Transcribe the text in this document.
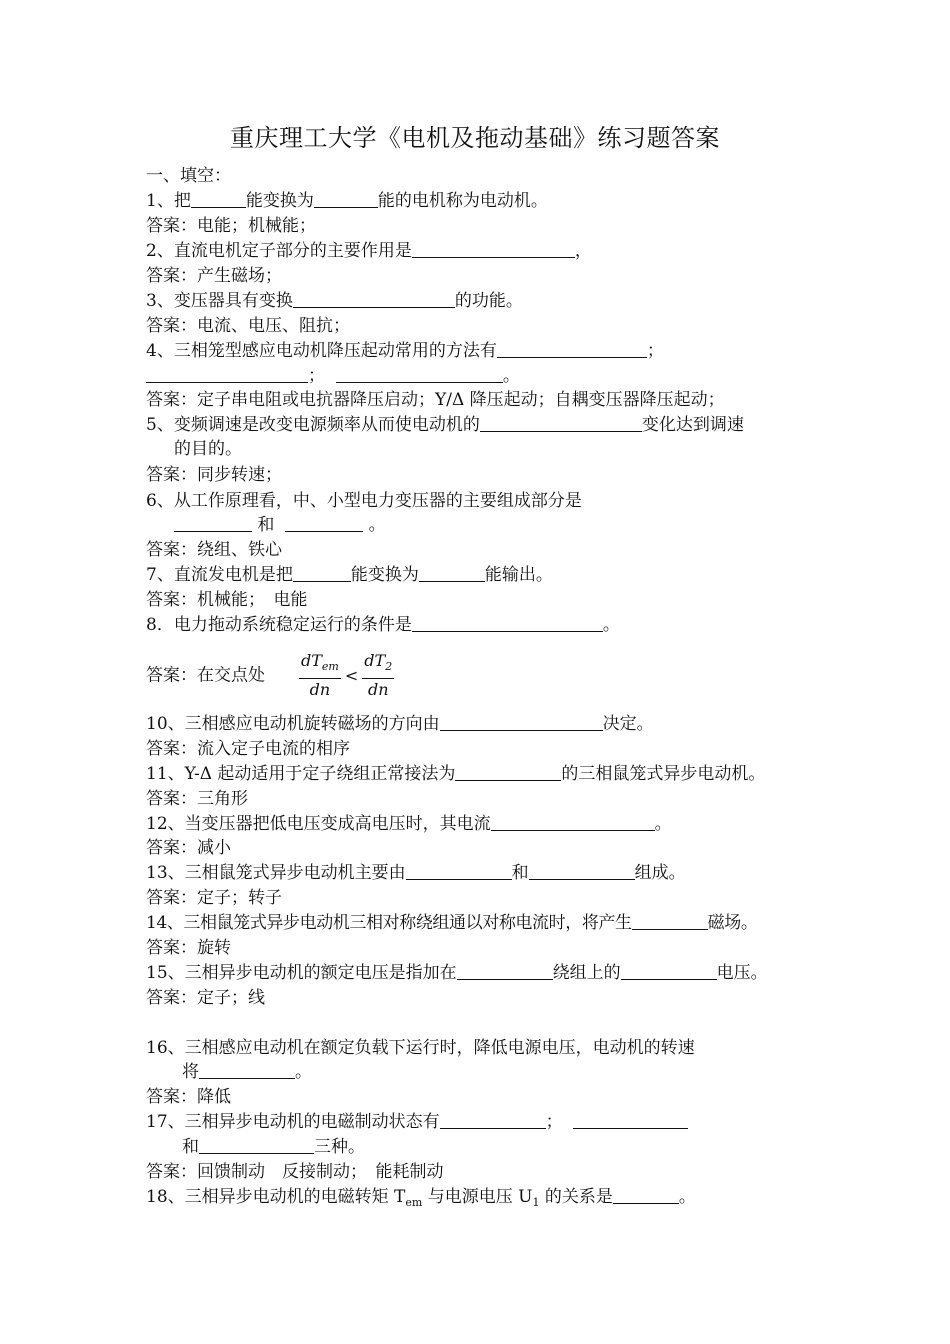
重庆理工大学《电机及拖动基础》练习题答案
一、填空：
1、把	能变换为	能的电机称为电动机。
答案：电能；机械能；
2、直流电机定子部分的主要作用是	，
答案：产生磁场；
3、变压器具有变换	的功能。
答案：电流、电压、阻抗；
4、三相笼型感应电动机降压起动常用的方法有	；
；	。
答案：定子串电阻或电抗器降压启动；Y/Δ 降压起动；自耦变压器降压起动；
5、变频调速是改变电源频率从而使电动机的	变化达到调速
的目的。
答案：同步转速；
6、从工作原理看，中、小型电力变压器的主要组成部分是
和	。
答案：绕组、铁心
7、直流发电机是把	能变换为	能输出。
答案：机械能；　电能
8．电力拖动系统稳定运行的条件是	。
答案：在交点处 $\frac{dT_{em}}{dn} < \frac{dT_2}{dn}$
10、三相感应电动机旋转磁场的方向由	决定。
答案：流入定子电流的相序
11、Y-Δ 起动适用于定子绕组正常接法为	的三相鼠笼式异步电动机。
答案：三角形
12、当变压器把低电压变成高电压时，其电流	。
答案：减小
13、三相鼠笼式异步电动机主要由	和	组成。
答案：定子；转子
14、三相鼠笼式异步电动机三相对称绕组通以对称电流时，将产生	磁场。
答案：旋转
15、三相异步电动机的额定电压是指加在	绕组上的	电压。
答案：定子；线
16、三相感应电动机在额定负载下运行时，降低电源电压，电动机的转速
将	。
答案：降低
17、三相异步电动机的电磁制动状态有	；
和	三种。
答案：回馈制动　反接制动；　能耗制动
18、三相异步电动机的电磁转矩 $T_{em}$ 与电源电压 $U_1$ 的关系是	。
